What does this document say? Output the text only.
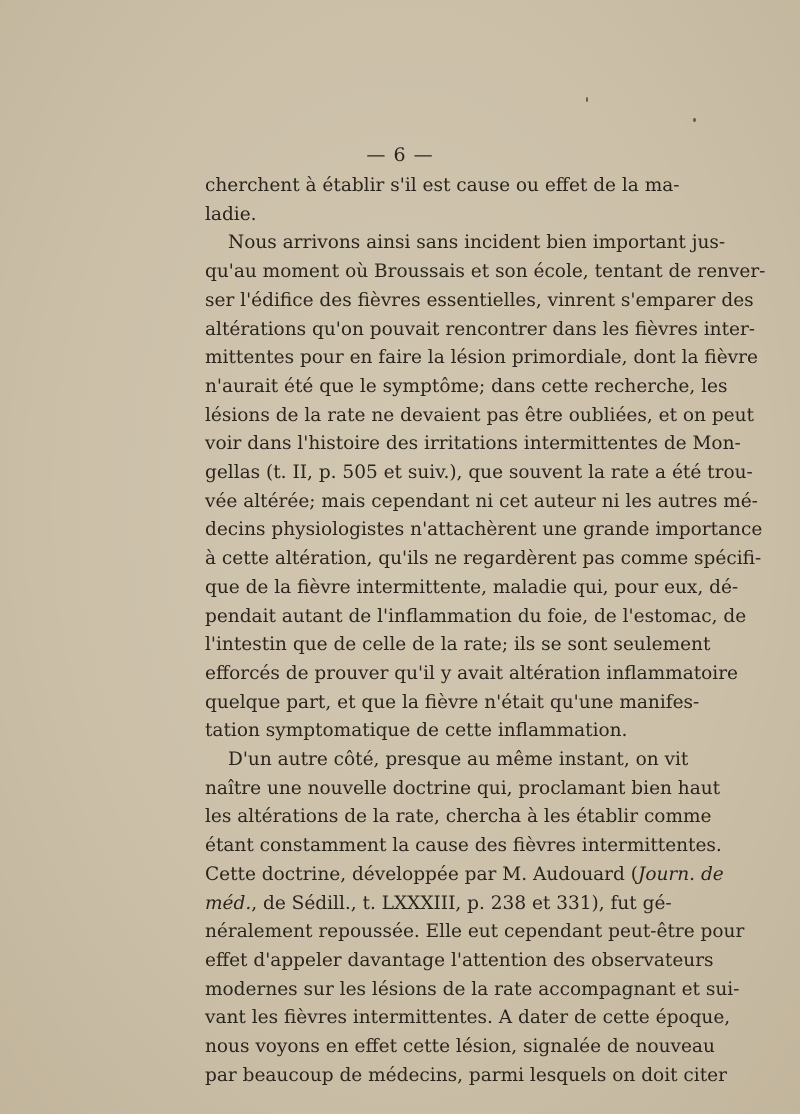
— 6 —
cherchent à établir s'il est cause ou effet de la ma-
ladie.
Nous arrivons ainsi sans incident bien important jus-
qu'au moment où Broussais et son école, tentant de renver-
ser l'édifice des fièvres essentielles, vinrent s'emparer des
altérations qu'on pouvait rencontrer dans les fièvres inter-
mittentes pour en faire la lésion primordiale, dont la fièvre
n'aurait été que le symptôme; dans cette recherche, les
lésions de la rate ne devaient pas être oubliées, et on peut
voir dans l'histoire des irritations intermittentes de Mon-
gellas (t. II, p. 505 et suiv.), que souvent la rate a été trou-
vée altérée; mais cependant ni cet auteur ni les autres mé-
decins physiologistes n'attachèrent une grande importance
à cette altération, qu'ils ne regardèrent pas comme spécifi-
que de la fièvre intermittente, maladie qui, pour eux, dé-
pendait autant de l'inflammation du foie, de l'estomac, de
l'intestin que de celle de la rate; ils se sont seulement
efforcés de prouver qu'il y avait altération inflammatoire
quelque part, et que la fièvre n'était qu'une manifes-
tation symptomatique de cette inflammation.
D'un autre côté, presque au même instant, on vit
naître une nouvelle doctrine qui, proclamant bien haut
les altérations de la rate, chercha à les établir comme
étant constamment la cause des fièvres intermittentes.
Cette doctrine, développée par M. Audouard (Journ. de
méd., de Sédill., t. LXXXIII, p. 238 et 331), fut gé-
néralement repoussée. Elle eut cependant peut-être pour
effet d'appeler davantage l'attention des observateurs
modernes sur les lésions de la rate accompagnant et sui-
vant les fièvres intermittentes. A dater de cette époque,
nous voyons en effet cette lésion, signalée de nouveau
par beaucoup de médecins, parmi lesquels on doit citer
